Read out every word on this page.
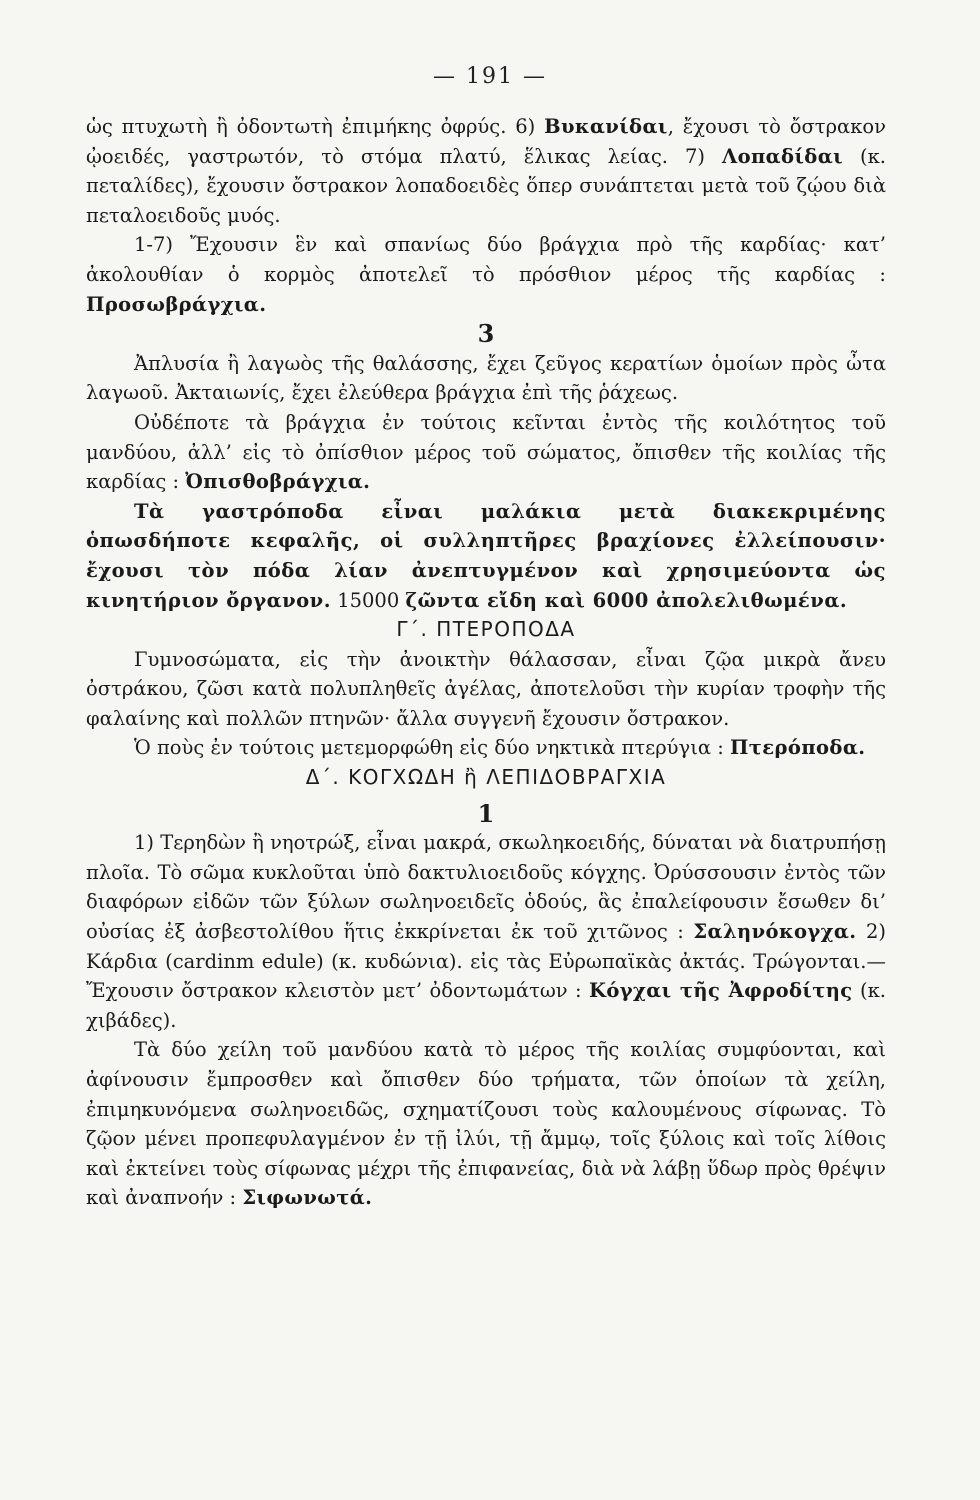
— 191 —

ὡς πτυχωτὴ ἢ ὀδοντωτὴ ἐπιμήκης ὀφρύς. 6) Βυκανίδαι, ἔχουσι τὸ ὄστρακον ᾠοειδές, γαστρωτόν, τὸ στόμα πλατύ, ἕλικας λείας. 7) Λοπαδίδαι (κ. πεταλίδες), ἔχουσιν ὄστρακον λοπαδοειδὲς ὅπερ συνάπτεται μετὰ τοῦ ζῴου διὰ πεταλοειδοῦς μυός.

1-7) Ἔχουσιν ἓν καὶ σπανίως δύο βράγχια πρὸ τῆς καρδίας· κατ’ ἀκολουθίαν ὁ κορμὸς ἀποτελεῖ τὸ πρόσθιον μέρος τῆς καρδίας : Προσωβράγχια.

3

Ἀπλυσία ἢ λαγωὸς τῆς θαλάσσης, ἔχει ζεῦγος κερατίων ὁμοίων πρὸς ὦτα λαγωοῦ. Ἀκταιωνίς, ἔχει ἐλεύθερα βράγχια ἐπὶ τῆς ῥάχεως.

Οὐδέποτε τὰ βράγχια ἐν τούτοις κεῖνται ἐντὸς τῆς κοιλότητος τοῦ μανδύου, ἀλλ’ εἰς τὸ ὀπίσθιον μέρος τοῦ σώματος, ὄπισθεν τῆς κοιλίας τῆς καρδίας : Ὀπισθοβράγχια.

Τὰ γαστρόποδα εἶναι μαλάκια μετὰ διακεκριμένης ὁπωσδήποτε κεφαλῆς, οἱ συλληπτῆρες βραχίονες ἐλλείπουσιν· ἔχουσι τὸν πόδα λίαν ἀνεπτυγμένον καὶ χρησιμεύοντα ὡς κινητήριον ὄργανον. 15000 ζῶντα εἴδη καὶ 6000 ἀπολελιθωμένα.

Γ΄. ΠΤΕΡΟΠΟΔΑ

Γυμνοσώματα, εἰς τὴν ἀνοικτὴν θάλασσαν, εἶναι ζῷα μικρὰ ἄνευ ὀστράκου, ζῶσι κατὰ πολυπληθεῖς ἀγέλας, ἀποτελοῦσι τὴν κυρίαν τροφὴν τῆς φαλαίνης καὶ πολλῶν πτηνῶν· ἄλλα συγγενῆ ἔχουσιν ὄστρακον.

Ὁ ποὺς ἐν τούτοις μετεμορφώθη εἰς δύο νηκτικὰ πτερύγια : Πτερόποδα.

Δ΄. ΚΟΓΧΩΔΗ ἢ ΛΕΠΙΔΟΒΡΑΓΧΙΑ

1

1) Τερηδὼν ἢ νηοτρώξ, εἶναι μακρά, σκωληκοειδής, δύναται νὰ διατρυπήσῃ πλοῖα. Τὸ σῶμα κυκλοῦται ὑπὸ δακτυλιοειδοῦς κόγχης. Ὀρύσσουσιν ἐντὸς τῶν διαφόρων εἰδῶν τῶν ξύλων σωληνοειδεῖς ὁδούς, ἃς ἐπαλείφουσιν ἔσωθεν δι’ οὐσίας ἐξ ἀσβεστολίθου ἥτις ἐκκρίνεται ἐκ τοῦ χιτῶνος : Σαληνόκογχα. 2) Κάρδια (cardinm edule) (κ. κυδώνια). εἰς τὰς Εὐρωπαϊκὰς ἀκτάς. Τρώγονται.—Ἔχουσιν ὄστρακον κλειστὸν μετ’ ὀδοντωμάτων : Κόγχαι τῆς Ἀφροδίτης (κ. χιβάδες).

Τὰ δύο χείλη τοῦ μανδύου κατὰ τὸ μέρος τῆς κοιλίας συμφύονται, καὶ ἀφίνουσιν ἔμπροσθεν καὶ ὄπισθεν δύο τρήματα, τῶν ὁποίων τὰ χείλη, ἐπιμηκυνόμενα σωληνοειδῶς, σχηματίζουσι τοὺς καλουμένους σίφωνας. Τὸ ζῷον μένει προπεφυλαγμένον ἐν τῇ ἰλύι, τῇ ἄμμῳ, τοῖς ξύλοις καὶ τοῖς λίθοις καὶ ἐκτείνει τοὺς σίφωνας μέχρι τῆς ἐπιφανείας, διὰ νὰ λάβῃ ὕδωρ πρὸς θρέψιν καὶ ἀναπνοήν : Σιφωνωτά.
